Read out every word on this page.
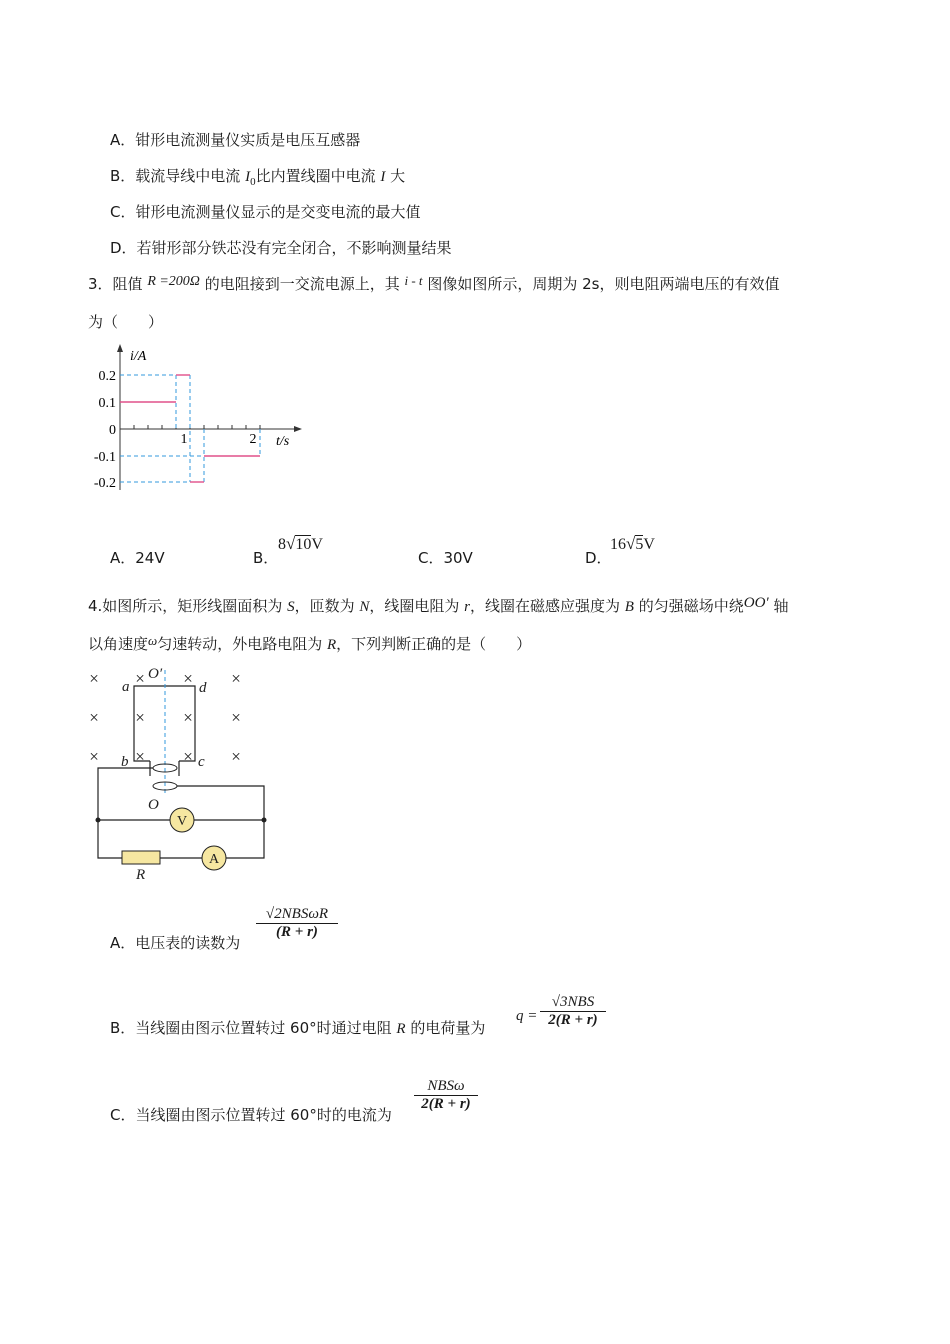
A．钳形电流测量仪实质是电压互感器
B．载流导线中电流 $I_0$比内置线圈中电流 I 大
C．钳形电流测量仪显示的是交变电流的最大值
D．若钳形部分铁芯没有完全闭合，不影响测量结果
3．阻值 R =200Ω 的电阻接到一交流电源上，其 i - t 图像如图所示，周期为 2s，则电阻两端电压的有效值
为（　　）
i/A
t/s
0.2
0.1
0
-0.1
-0.2
1	2
A．24V	B．
8√10V
C．30V	D．
16√5V
4.如图所示，矩形线圈面积为 S，匝数为 N，线圈电阻为 r，线圈在磁感应强度为 B 的匀强磁场中绕OO′ 轴
以角速度ω匀速转动，外电路电阻为 R，下列判断正确的是（　　）
× × × ×
× × × ×
× × × ×
a	d
b	c
O′
O
R
V
A
A．电压表的读数为
√2NBSωR
(R + r)
B．当线圈由图示位置转过 60°时通过电阻 R 的电荷量为
q =
√3NBS
2(R + r)
C．当线圈由图示位置转过 60°时的电流为
NBSω
2(R + r)
